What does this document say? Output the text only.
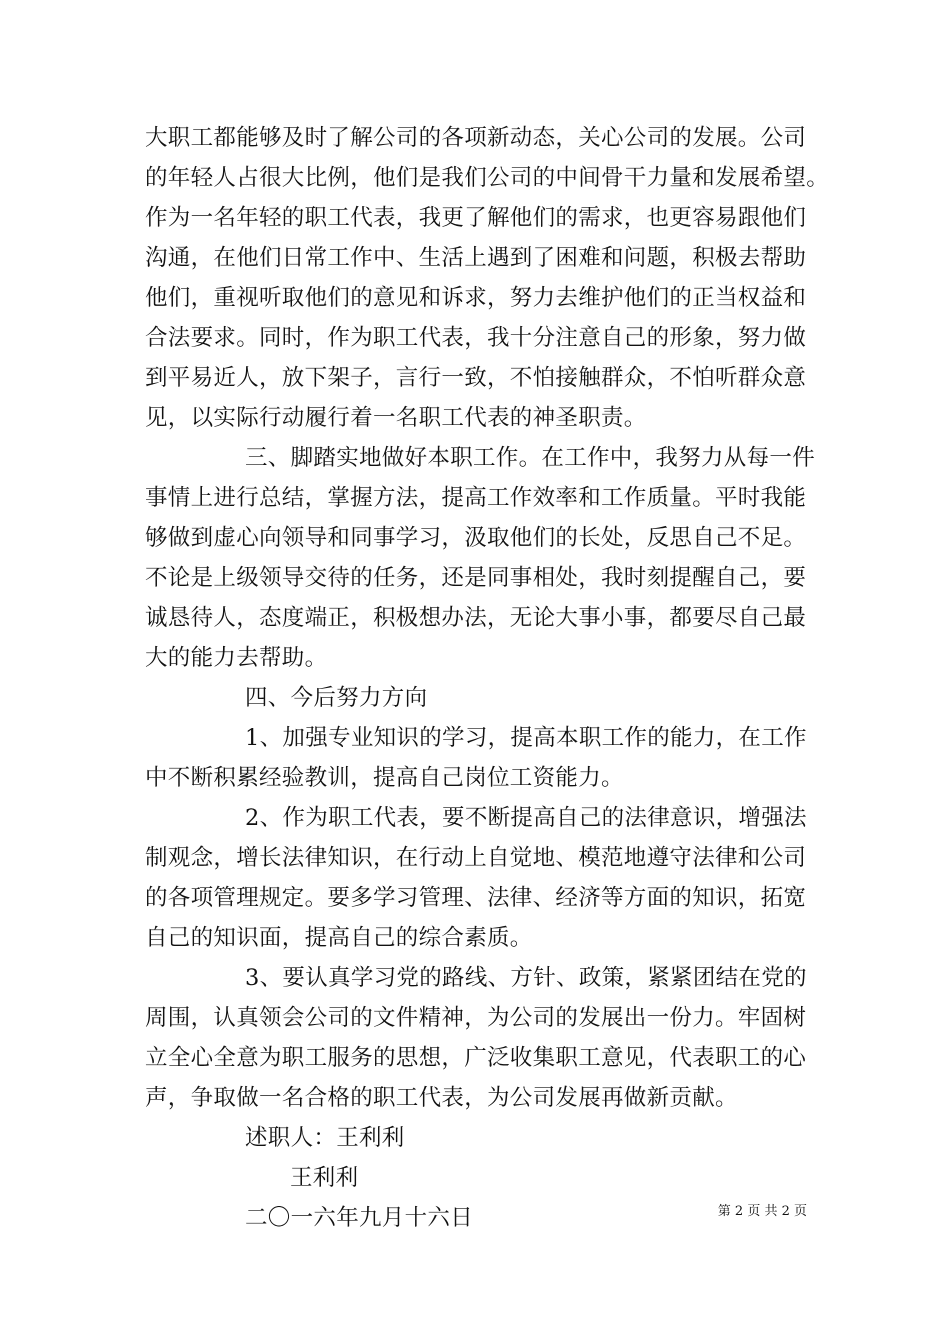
大职工都能够及时了解公司的各项新动态，关心公司的发展。公司
的年轻人占很大比例，他们是我们公司的中间骨干力量和发展希望。
作为一名年轻的职工代表，我更了解他们的需求，也更容易跟他们
沟通，在他们日常工作中、生活上遇到了困难和问题，积极去帮助
他们，重视听取他们的意见和诉求，努力去维护他们的正当权益和
合法要求。同时，作为职工代表，我十分注意自己的形象，努力做
到平易近人，放下架子，言行一致，不怕接触群众，不怕听群众意
见，以实际行动履行着一名职工代表的神圣职责。
三、脚踏实地做好本职工作。在工作中，我努力从每一件
事情上进行总结，掌握方法，提高工作效率和工作质量。平时我能
够做到虚心向领导和同事学习，汲取他们的长处，反思自己不足。
不论是上级领导交待的任务，还是同事相处，我时刻提醒自己，要
诚恳待人，态度端正，积极想办法，无论大事小事，都要尽自己最
大的能力去帮助。
四、今后努力方向
1、加强专业知识的学习，提高本职工作的能力，在工作
中不断积累经验教训，提高自己岗位工资能力。
2、作为职工代表，要不断提高自己的法律意识，增强法
制观念，增长法律知识，在行动上自觉地、模范地遵守法律和公司
的各项管理规定。要多学习管理、法律、经济等方面的知识，拓宽
自己的知识面，提高自己的综合素质。
3、要认真学习党的路线、方针、政策，紧紧团结在党的
周围，认真领会公司的文件精神，为公司的发展出一份力。牢固树
立全心全意为职工服务的思想，广泛收集职工意见，代表职工的心
声，争取做一名合格的职工代表，为公司发展再做新贡献。
述职人：王利利
王利利
二〇一六年九月十六日	第 2 页 共 2 页
